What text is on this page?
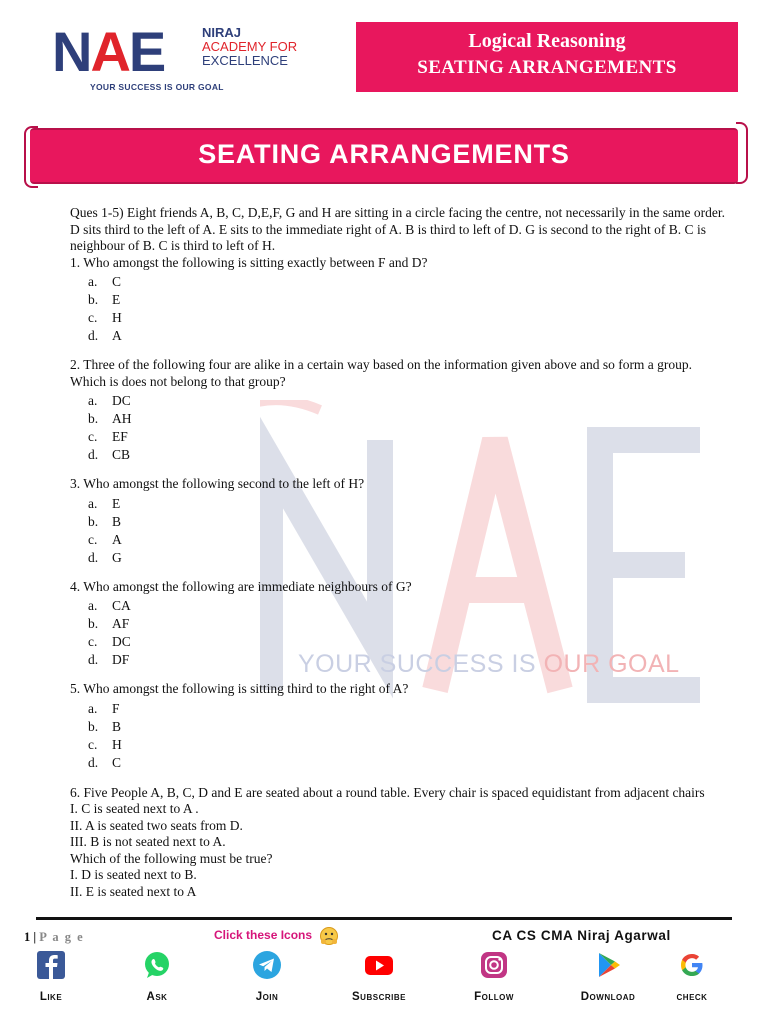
NAE	NIRAJ
ACADEMY FOR
EXCELLENCE
YOUR SUCCESS IS OUR GOAL
Logical Reasoning
SEATING ARRANGEMENTS
SEATING ARRANGEMENTS
YOUR SUCCESS IS OUR GOAL

Ques 1-5) Eight friends A, B, C, D,E,F, G and H are sitting in a circle facing the centre, not necessarily in the same order. D sits third to the left of A. E sits to the immediate right of A. B is third to left of D. G is second to the right of B. C is neighbour of B. C is third to left of H.

1. Who amongst the following is sitting exactly between F and D?

a.	C
b.	E
c.	H
d.	A

2. Three of the following four are alike in a certain way based on the information given above and so form a group. Which is does not belong to that group?

a.	DC
b.	AH
c.	EF
d.	CB

3. Who amongst the following second to the left of H?

a.	E
b.	B
c.	A
d.	G

4. Who amongst the following are immediate neighbours of G?

a.	CA
b.	AF
c.	DC
d.	DF

5. Who amongst the following is sitting third to the right of A?

a.	F
b.	B
c.	H
d.	C

6. Five People A, B, C, D and E are seated about a round table. Every chair is spaced equidistant from adjacent chairs

I. C is seated next to A .

II. A is seated two seats from D.

III. B is not seated next to A.

Which of the following must be true?

I. D is seated next to B.

II. E is seated next to A

1 | P a g e	Click these Icons	CA CS CMA Niraj Agarwal
Like	Ask	Join	Subscribe	Follow	Download	check
